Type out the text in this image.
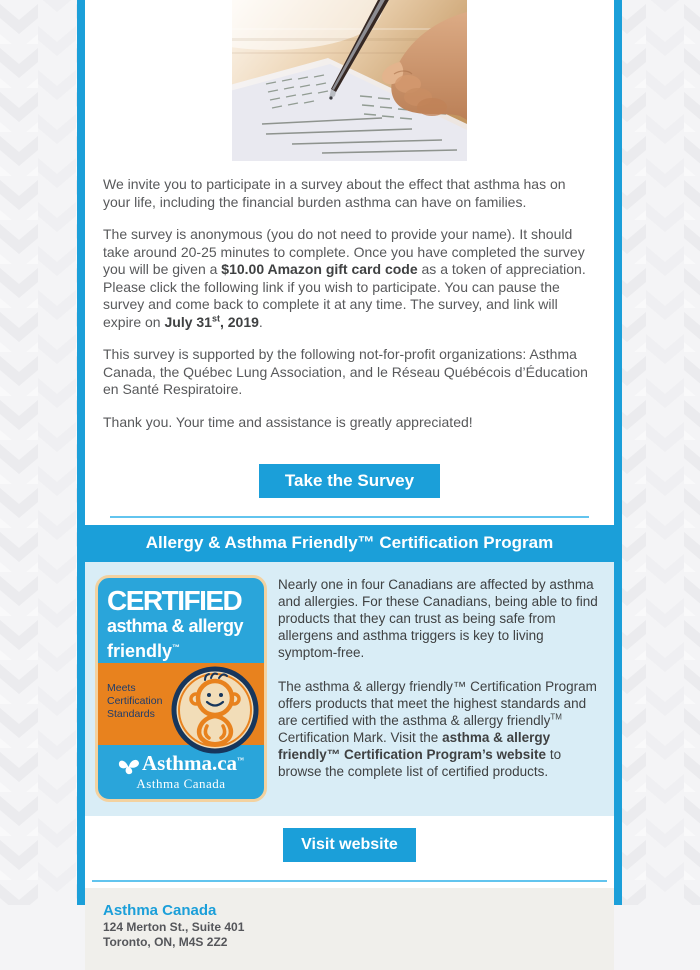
We invite you to participate in a survey about the effect that asthma has on your life, including the financial burden asthma can have on families.

The survey is anonymous (you do not need to provide your name). It should take around 20-25 minutes to complete. Once you have completed the survey you will be given a $10.00 Amazon gift card code as a token of appreciation.
Please click the following link if you wish to participate. You can pause the survey and come back to complete it at any time. The survey, and link will expire on July 31st, 2019.

This survey is supported by the following not-for-profit organizations: Asthma Canada, the Québec Lung Association, and le Réseau Québécois d’Éducation en Santé Respiratoire.

Thank you. Your time and assistance is greatly appreciated!

Take the Survey
Allergy & Asthma Friendly™ Certification Program
CERTIFIED
asthma & allergy
friendly™
Meets
Certification
Standards
Asthma.ca™
Asthma Canada

Nearly one in four Canadians are affected by asthma and allergies. For these Canadians, being able to find products that they can trust as being safe from allergens and asthma triggers is key to living symptom-free.

The asthma & allergy friendly™ Certification Program offers products that meet the highest standards and are certified with the asthma & allergy friendly™ Certification Mark. Visit the asthma & allergy friendly™ Certification Program’s website to browse the complete list of certified products.

Visit website
Asthma Canada
124 Merton St., Suite 401
Toronto, ON, M4S 2Z2
